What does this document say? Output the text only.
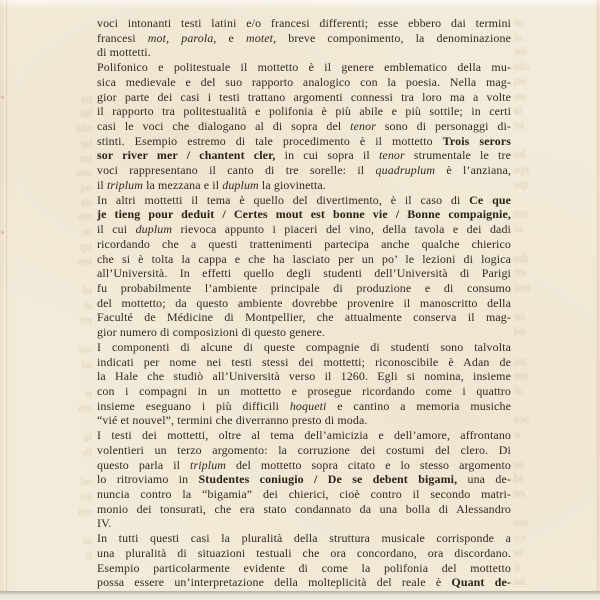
tsi
bn
eda
lar
im
sno
uq
da
etn
oc
irp
len
id
al
ert
osi
ad
ir
etn
la
ib
od
ais
em
ul
it
us
ol
ibs
cda
nti
im
la
irt
bo
eps
qiu
otn
ui
dui
ert
nad
ist
ud
itn
em
al
ocs
ir
su
id
en
atn
co
re
il
no
voci intonanti testi latini e/o francesi differenti; esse ebbero dai termini
francesi mot, parola, e motet, breve componimento, la denominazione
di mottetti.
Polifonico e politestuale il mottetto è il genere emblematico della mu-
sica medievale e del suo rapporto analogico con la poesia. Nella mag-
gior parte dei casi i testi trattano argomenti connessi tra loro ma a volte
il rapporto tra politestualità e polifonia è più abile e più sottile; in certi
casi le voci che dialogano al di sopra del tenor sono di personaggi di-
stinti. Esempio estremo di tale procedimento è il mottetto Trois serors
sor river mer / chantent cler, in cui sopra il tenor strumentale le tre
voci rappresentano il canto di tre sorelle: il quadruplum è l’anziana,
il triplum la mezzana e il duplum la giovinetta.
In altri mottetti il tema è quello del divertimento, è il caso di Ce que
je tieng pour deduit / Certes mout est bonne vie / Bonne compaignie,
il cui duplum rievoca appunto i piaceri del vino, della tavola e dei dadi
ricordando che a questi trattenimenti partecipa anche qualche chierico
che si è tolta la cappa e che ha lasciato per un po’ le lezioni di logica
all’Università. In effetti quello degli studenti dell’Università di Parigi
fu probabilmente l’ambiente principale di produzione e di consumo
del mottetto; da questo ambiente dovrebbe provenire il manoscritto della
Faculté de Médicine di Montpellier, che attualmente conserva il mag-
gior numero di composizioni di questo genere.
I componenti di alcune di queste compagnie di studenti sono talvolta
indicati per nome nei testi stessi dei mottetti; riconoscibile è Adan de
la Hale che studiò all’Università verso il 1260. Egli si nomina, insieme
con i compagni in un mottetto e prosegue ricordando come i quattro
insieme eseguano i più difficili hoqueti e cantino a memoria musiche
“vié et nouvel”, termini che diverranno presto di moda.
I testi dei mottetti, oltre al tema dell’amicizia e dell’amore, affrontano
volentieri un terzo argomento: la corruzione dei costumi del clero. Di
questo parla il triplum del mottetto sopra citato e lo stesso argomento
lo ritroviamo in Studentes coniugio / De se debent bigami, una de-
nuncia contro la “bigamia” dei chierici, cioè contro il secondo matri-
monio dei tonsurati, che era stato condannato da una bolla di Alessandro
IV.
In tutti questi casi la pluralità della struttura musicale corrisponde a
una pluralità di situazioni testuali che ora concordano, ora discordano.
Esempio particolarmente evidente di come la polifonia del mottetto
possa essere un’interpretazione della molteplicità del reale è Quant de-
